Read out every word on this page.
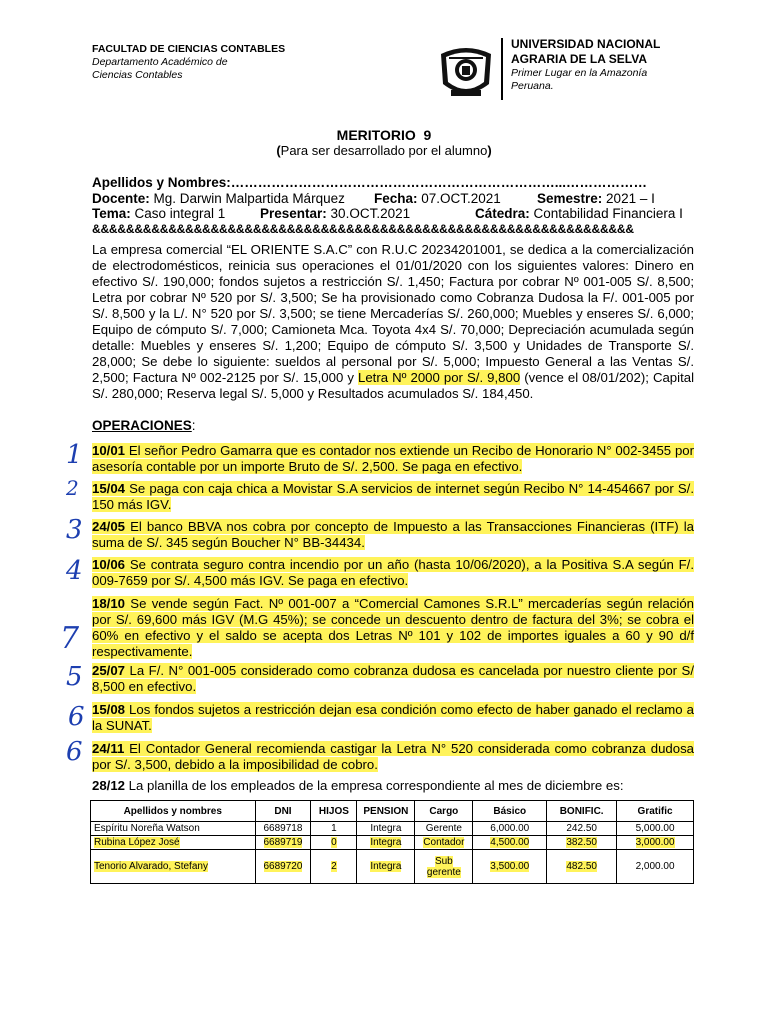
FACULTAD DE CIENCIAS CONTABLES
Departamento Académico de
Ciencias Contables
UNIVERSIDAD NACIONAL
AGRARIA DE LA SELVA
Primer Lugar en la Amazonía
Peruana.
MERITORIO  9
(Para ser desarrollado por el alumno)
Apellidos y Nombres:………………………………………………………………...………………
Docente: Mg. Darwin Malpartida Márquez Fecha: 07.OCT.2021	Semestre: 2021 – I
Tema: Caso integral 1	Presentar: 30.OCT.2021	Cátedra: Contabilidad Financiera I
&&&&&&&&&&&&&&&&&&&&&&&&&&&&&&&&&&&&&&&&&&&&&&&&&&&&&&&&&&&&&&&&
La empresa comercial “EL ORIENTE S.A.C” con R.U.C 20234201001, se dedica a la comercialización de electrodomésticos, reinicia sus operaciones el 01/01/2020 con los siguientes valores: Dinero en efectivo S/. 190,000; fondos sujetos a restricción S/. 1,450; Factura por cobrar Nº 001-005 S/. 8,500; Letra por cobrar Nº 520 por S/. 3,500; Se ha provisionado como Cobranza Dudosa la F/. 001-005 por S/. 8,500 y la L/. N° 520 por S/. 3,500; se tiene Mercaderías S/. 260,000; Muebles y enseres S/. 6,000; Equipo de cómputo S/. 7,000; Camioneta Mca. Toyota 4x4 S/. 70,000; Depreciación acumulada según detalle: Muebles y enseres S/. 1,200; Equipo de cómputo S/. 3,500 y Unidades de Transporte S/. 28,000; Se debe lo siguiente: sueldos al personal por S/. 5,000; Impuesto General a las Ventas S/. 2,500; Factura Nº 002-2125 por S/. 15,000 y Letra Nº 2000 por S/. 9,800 (vence el 08/01/202); Capital S/. 280,000; Reserva legal S/. 5,000 y Resultados acumulados S/. 184,450.
OPERACIONES:
10/01 El señor Pedro Gamarra que es contador nos extiende un Recibo de Honorario N° 002-3455 por asesoría contable por un importe Bruto de S/. 2,500. Se paga en efectivo.
1
15/04 Se paga con caja chica a Movistar S.A servicios de internet según Recibo N° 14-454667 por S/. 150 más IGV.
2
24/05 El banco BBVA nos cobra por concepto de Impuesto a las Transacciones Financieras (ITF) la suma de S/. 345 según Boucher N° BB-34434.
3
10/06 Se contrata seguro contra incendio por un año (hasta 10/06/2020), a la Positiva S.A según F/. 009-7659 por S/. 4,500 más IGV. Se paga en efectivo.
4
18/10 Se vende según Fact. Nº 001-007 a “Comercial Camones S.R.L” mercaderías según relación por S/. 69,600 más IGV (M.G 45%); se concede un descuento dentro de factura del 3%; se cobra el 60% en efectivo y el saldo se acepta dos Letras Nº 101 y 102 de importes iguales a 60 y 90 d/f respectivamente.
7
25/07 La F/. N° 001-005 considerado como cobranza dudosa es cancelada por nuestro cliente por S/ 8,500 en efectivo.
5
15/08 Los fondos sujetos a restricción dejan esa condición como efecto de haber ganado el reclamo a la SUNAT.
6
24/11 El Contador General recomienda castigar la Letra N° 520 considerada como cobranza dudosa por S/. 3,500, debido a la imposibilidad de cobro.
6
28/12 La planilla de los empleados de la empresa correspondiente al mes de diciembre es:
Apellidos y nombres	DNI	HIJOS	PENSION	Cargo	Básico	BONIFIC.	Gratific
Espíritu Noreña Watson	6689718	1	Integra	Gerente	6,000.00	242.50	5,000.00
Rubina López José	6689719	0	Integra	Contador	4,500.00	382.50	3,000.00
Tenorio Alvarado, Stefany	6689720	2	Integra	Sub gerente	3,500.00	482.50	2,000.00
